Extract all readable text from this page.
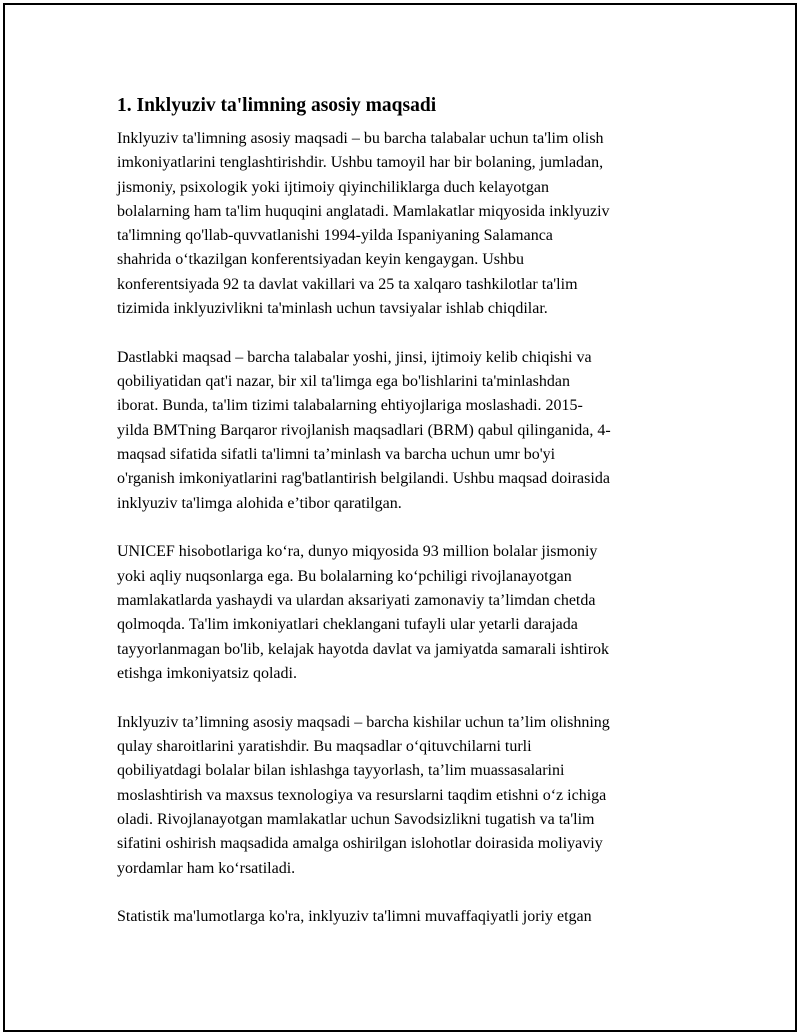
1. Inklyuziv ta'limning asosiy maqsadi

Inklyuziv ta'limning asosiy maqsadi – bu barcha talabalar uchun ta'lim olish
imkoniyatlarini tenglashtirishdir. Ushbu tamoyil har bir bolaning, jumladan,
jismoniy, psixologik yoki ijtimoiy qiyinchiliklarga duch kelayotgan
bolalarning ham ta'lim huquqini anglatadi. Mamlakatlar miqyosida inklyuziv
ta'limning qo'llab-quvvatlanishi 1994-yilda Ispaniyaning Salamanca
shahrida o‘tkazilgan konferentsiyadan keyin kengaygan. Ushbu
konferentsiyada 92 ta davlat vakillari va 25 ta xalqaro tashkilotlar ta'lim
tizimida inklyuzivlikni ta'minlash uchun tavsiyalar ishlab chiqdilar.

Dastlabki maqsad – barcha talabalar yoshi, jinsi, ijtimoiy kelib chiqishi va
qobiliyatidan qat'i nazar, bir xil ta'limga ega bo'lishlarini ta'minlashdan
iborat. Bunda, ta'lim tizimi talabalarning ehtiyojlariga moslashadi. 2015-
yilda BMTning Barqaror rivojlanish maqsadlari (BRM) qabul qilinganida, 4-
maqsad sifatida sifatli ta'limni ta’minlash va barcha uchun umr bo'yi
o'rganish imkoniyatlarini rag'batlantirish belgilandi. Ushbu maqsad doirasida
inklyuziv ta'limga alohida e’tibor qaratilgan.

UNICEF hisobotlariga ko‘ra, dunyo miqyosida 93 million bolalar jismoniy
yoki aqliy nuqsonlarga ega. Bu bolalarning ko‘pchiligi rivojlanayotgan
mamlakatlarda yashaydi va ulardan aksariyati zamonaviy ta’limdan chetda
qolmoqda. Ta'lim imkoniyatlari cheklangani tufayli ular yetarli darajada
tayyorlanmagan bo'lib, kelajak hayotda davlat va jamiyatda samarali ishtirok
etishga imkoniyatsiz qoladi.

Inklyuziv ta’limning asosiy maqsadi – barcha kishilar uchun ta’lim olishning
qulay sharoitlarini yaratishdir. Bu maqsadlar o‘qituvchilarni turli
qobiliyatdagi bolalar bilan ishlashga tayyorlash, ta’lim muassasalarini
moslashtirish va maxsus texnologiya va resurslarni taqdim etishni o‘z ichiga
oladi. Rivojlanayotgan mamlakatlar uchun Savodsizlikni tugatish va ta'lim
sifatini oshirish maqsadida amalga oshirilgan islohotlar doirasida moliyaviy
yordamlar ham ko‘rsatiladi.

Statistik ma'lumotlarga ko'ra, inklyuziv ta'limni muvaffaqiyatli joriy etgan
